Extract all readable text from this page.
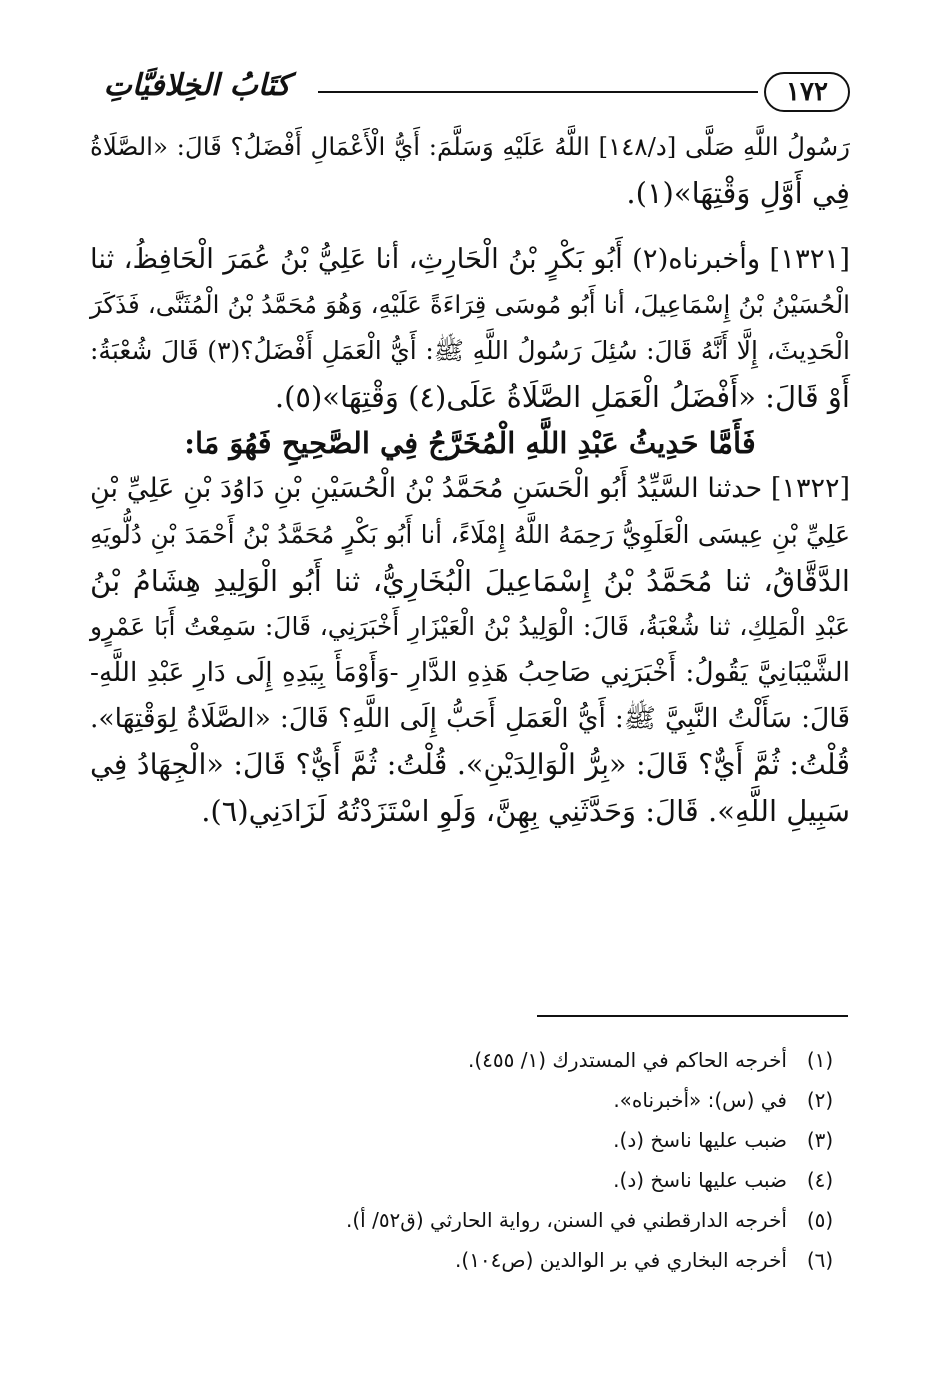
١٧٢
كتَابُ الخِلافيَّاتِ
رَسُولُ اللَّهِ صَلَّى [د/١٤٨] اللَّهُ عَلَيْهِ وَسَلَّمَ: أَيُّ الْأَعْمَالِ أَفْضَلُ؟ قَالَ: «الصَّلَاةُ
فِي أَوَّلِ وَقْتِهَا»(١).
[١٣٢١] وأخبرناه(٢) أَبُو بَكْرٍ بْنُ الْحَارِثِ، أنا عَلِيُّ بْنُ عُمَرَ الْحَافِظُ، ثنا
الْحُسَيْنُ بْنُ إِسْمَاعِيلَ، أنا أَبُو مُوسَى قِرَاءَةً عَلَيْهِ، وَهُوَ مُحَمَّدُ بْنُ الْمُثَنَّى، فَذَكَرَ
الْحَدِيثَ، إِلَّا أَنَّهُ قَالَ: سُئِلَ رَسُولُ اللَّهِ ﷺ: أَيُّ الْعَمَلِ أَفْضَلُ؟(٣) قَالَ شُعْبَةُ:
أَوْ قَالَ: «أَفْضَلُ الْعَمَلِ الصَّلَاةُ عَلَى(٤) وَقْتِهَا»(٥).
فَأَمَّا حَدِيثُ عَبْدِ اللَّهِ الْمُخَرَّجُ فِي الصَّحِيحِ فَهُوَ مَا:
[١٣٢٢] حدثنا السَّيِّدُ أَبُو الْحَسَنِ مُحَمَّدُ بْنُ الْحُسَيْنِ بْنِ دَاوُدَ بْنِ عَلِيِّ بْنِ
عَلِيِّ بْنِ عِيسَى الْعَلَوِيُّ رَحِمَهُ اللَّهُ إِمْلَاءً، أنا أَبُو بَكْرٍ مُحَمَّدُ بْنُ أَحْمَدَ بْنِ دُلُّويَهِ
الدَّقَّاقُ، ثنا مُحَمَّدُ بْنُ إِسْمَاعِيلَ الْبُخَارِيُّ، ثنا أَبُو الْوَلِيدِ هِشَامُ بْنُ
عَبْدِ الْمَلِكِ، ثنا شُعْبَةُ، قَالَ: الْوَلِيدُ بْنُ الْعَيْزَارِ أَخْبَرَنِي، قَالَ: سَمِعْتُ أَبَا عَمْرٍو
الشَّيْبَانِيَّ يَقُولُ: أَخْبَرَنِي صَاحِبُ هَذِهِ الدَّارِ -وَأَوْمَأَ بِيَدِهِ إِلَى دَارِ عَبْدِ اللَّهِ-
قَالَ: سَأَلْتُ النَّبِيَّ ﷺ: أَيُّ الْعَمَلِ أَحَبُّ إِلَى اللَّهِ؟ قَالَ: «الصَّلَاةُ لِوَقْتِهَا».
قُلْتُ: ثُمَّ أَيٌّ؟ قَالَ: «بِرُّ الْوَالِدَيْنِ». قُلْتُ: ثُمَّ أَيٌّ؟ قَالَ: «الْجِهَادُ فِي
سَبِيلِ اللَّهِ». قَالَ: وَحَدَّثَنِي بِهِنَّ، وَلَوِ اسْتَزَدْتُهُ لَزَادَنِي(٦).
(١)
أخرجه الحاكم في المستدرك (١/ ٤٥٥).
(٢)
في (س): «أخبرناه».
(٣)
ضبب عليها ناسخ (د).
(٤)
ضبب عليها ناسخ (د).
(٥)
أخرجه الدارقطني في السنن، رواية الحارثي (ق٥٢/ أ).
(٦)
أخرجه البخاري في بر الوالدين (ص١٠٤).
